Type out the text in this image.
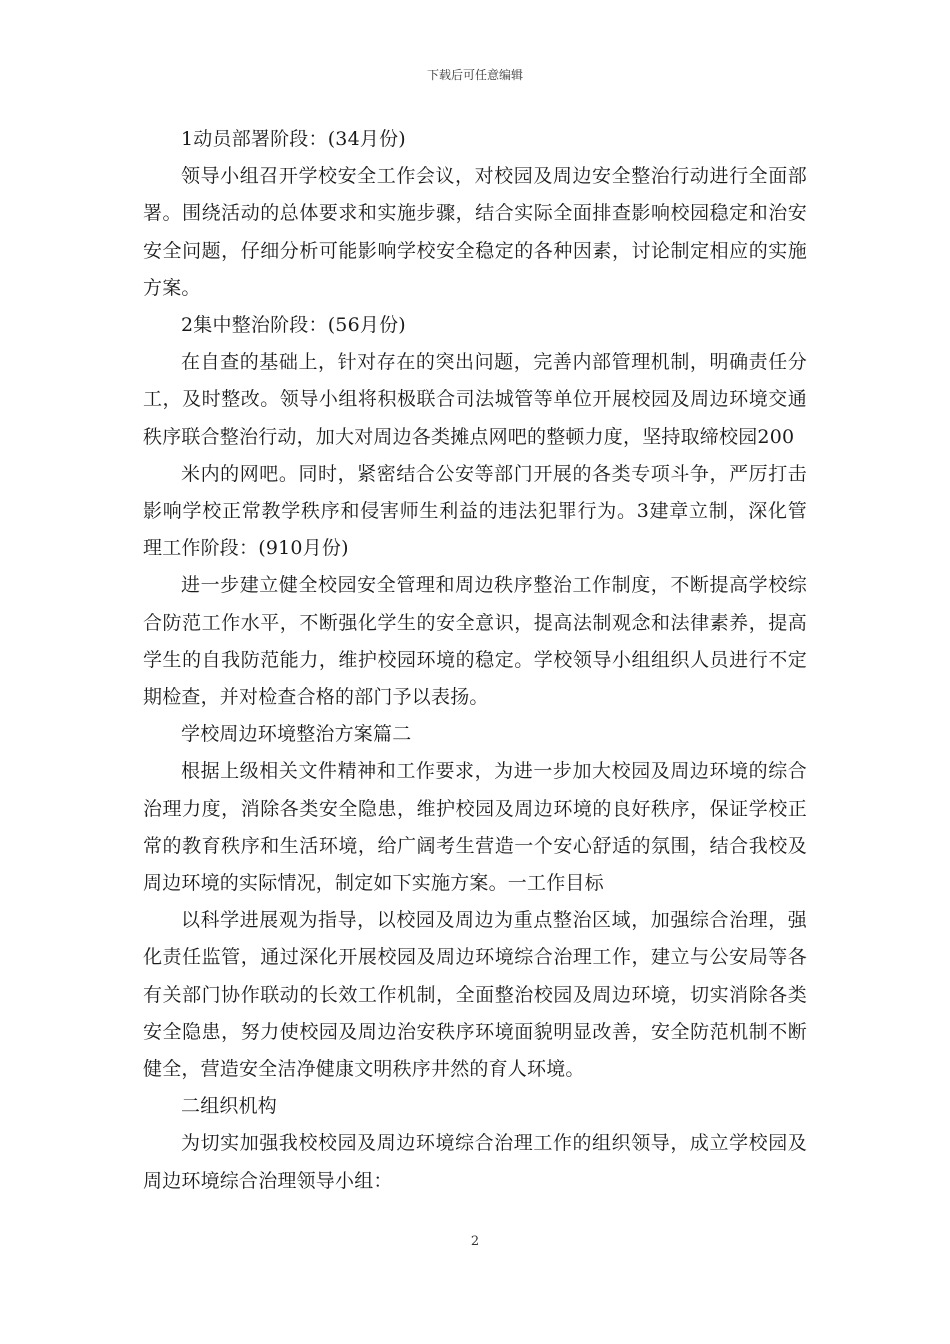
下载后可任意编辑

1动员部署阶段：(34月份)

领导小组召开学校安全工作会议，对校园及周边安全整治行动进行全面部署。围绕活动的总体要求和实施步骤，结合实际全面排查影响校园稳定和治安安全问题，仔细分析可能影响学校安全稳定的各种因素，讨论制定相应的实施方案。

2集中整治阶段：(56月份)

在自查的基础上，针对存在的突出问题，完善内部管理机制，明确责任分工，及时整改。领导小组将积极联合司法城管等单位开展校园及周边环境交通秩序联合整治行动，加大对周边各类摊点网吧的整顿力度，坚持取缔校园200

米内的网吧。同时，紧密结合公安等部门开展的各类专项斗争，严厉打击影响学校正常教学秩序和侵害师生利益的违法犯罪行为。3建章立制，深化管理工作阶段：(910月份)

进一步建立健全校园安全管理和周边秩序整治工作制度，不断提高学校综合防范工作水平，不断强化学生的安全意识，提高法制观念和法律素养，提高学生的自我防范能力，维护校园环境的稳定。学校领导小组组织人员进行不定期检查，并对检查合格的部门予以表扬。

学校周边环境整治方案篇二

根据上级相关文件精神和工作要求，为进一步加大校园及周边环境的综合治理力度，消除各类安全隐患，维护校园及周边环境的良好秩序，保证学校正常的教育秩序和生活环境，给广阔考生营造一个安心舒适的氛围，结合我校及周边环境的实际情况，制定如下实施方案。一工作目标

以科学进展观为指导，以校园及周边为重点整治区域，加强综合治理，强化责任监管，通过深化开展校园及周边环境综合治理工作，建立与公安局等各有关部门协作联动的长效工作机制，全面整治校园及周边环境，切实消除各类安全隐患，努力使校园及周边治安秩序环境面貌明显改善，安全防范机制不断健全，营造安全洁净健康文明秩序井然的育人环境。

二组织机构

为切实加强我校校园及周边环境综合治理工作的组织领导，成立学校园及周边环境综合治理领导小组：

2
